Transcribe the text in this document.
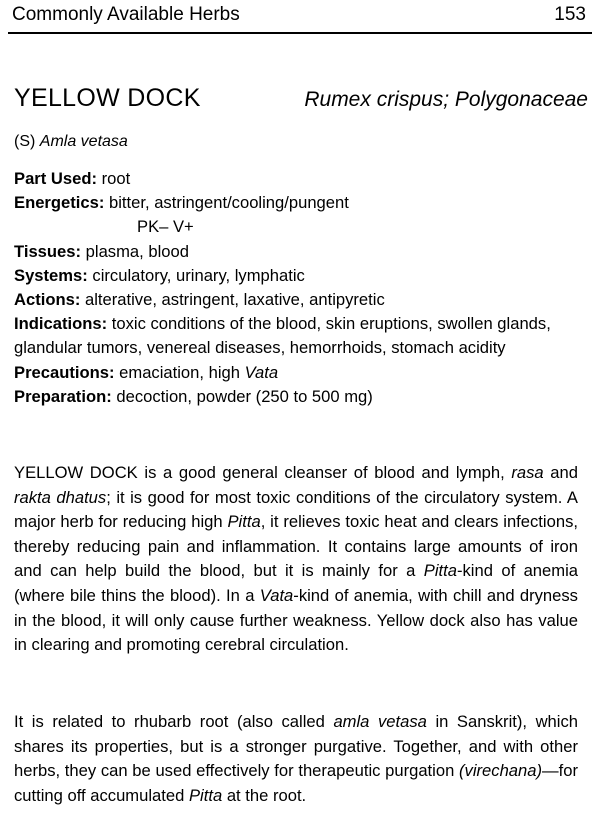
Commonly Available Herbs	153
YELLOW DOCK	Rumex crispus; Polygonaceae
(S) Amla vetasa

Part Used: root

Energetics: bitter, astringent/cooling/pungent

PK– V+

Tissues: plasma, blood

Systems: circulatory, urinary, lymphatic

Actions: alterative, astringent, laxative, antipyretic

Indications: toxic conditions of the blood, skin eruptions, swollen glands, glandular tumors, venereal diseases, hemorrhoids, stomach acidity

Precautions: emaciation, high Vata

Preparation: decoction, powder (250 to 500 mg)

YELLOW DOCK is a good general cleanser of blood and lymph, rasa and rakta dhatus; it is good for most toxic conditions of the circulatory system. A major herb for reducing high Pitta, it relieves toxic heat and clears infections, thereby reducing pain and inflammation. It contains large amounts of iron and can help build the blood, but it is mainly for a Pitta-kind of anemia (where bile thins the blood). In a Vata-kind of anemia, with chill and dryness in the blood, it will only cause further weakness. Yellow dock also has value in clearing and promoting cerebral circulation.
It is related to rhubarb root (also called amla vetasa in Sanskrit), which shares its properties, but is a stronger purgative. Together, and with other herbs, they can be used effectively for therapeutic purgation (virechana)—for cutting off accumulated Pitta at the root.
